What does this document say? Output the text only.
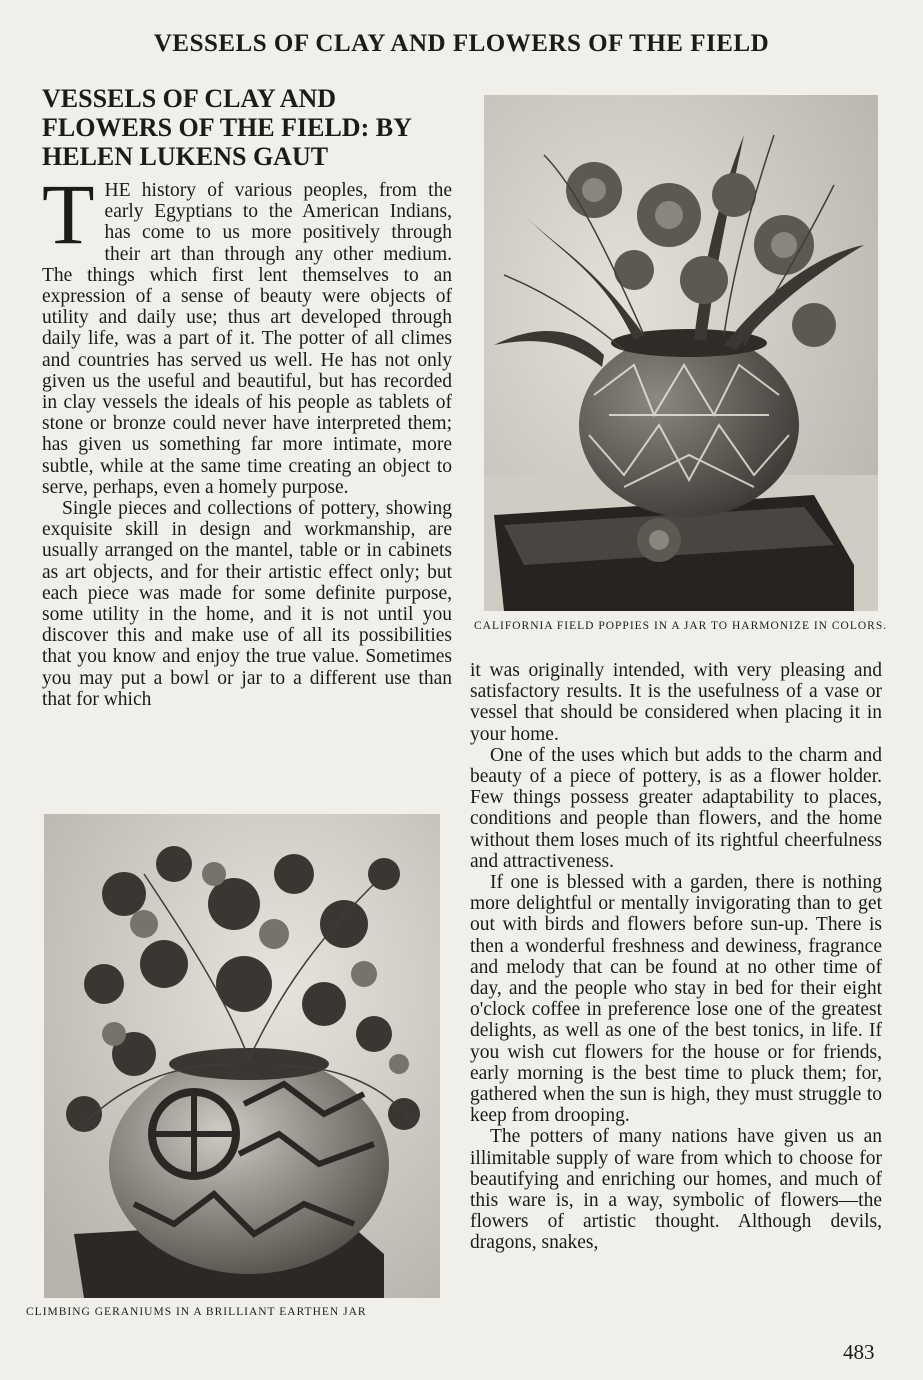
VESSELS OF CLAY AND FLOWERS OF THE FIELD
VESSELS OF CLAY AND FLOWERS OF THE FIELD: BY HELEN LUKENS GAUT

THE history of various peoples, from the early Egyptians to the American Indians, has come to us more positively through their art than through any other medium. The things which first lent themselves to an expression of a sense of beauty were objects of utility and daily use; thus art developed through daily life, was a part of it. The potter of all climes and countries has served us well. He has not only given us the useful and beautiful, but has recorded in clay vessels the ideals of his people as tablets of stone or bronze could never have interpreted them; has given us something far more intimate, more subtle, while at the same time creating an object to serve, perhaps, even a homely purpose.

Single pieces and collections of pottery, showing exquisite skill in design and workmanship, are usually arranged on the mantel, table or in cabinets as art objects, and for their artistic effect only; but each piece was made for some definite purpose, some utility in the home, and it is not until you discover this and make use of all its possibilities that you know and enjoy the true value. Sometimes you may put a bowl or jar to a different use than that for which

CALIFORNIA FIELD POPPIES IN A JAR TO HARMONIZE IN COLORS.

it was originally intended, with very pleasing and satisfactory results. It is the usefulness of a vase or vessel that should be considered when placing it in your home.

One of the uses which but adds to the charm and beauty of a piece of pottery, is as a flower holder. Few things possess greater adaptability to places, conditions and people than flowers, and the home without them loses much of its rightful cheerfulness and attractiveness.

If one is blessed with a garden, there is nothing more delightful or mentally invigorating than to get out with birds and flowers before sun-up. There is then a wonderful freshness and dewiness, fragrance and melody that can be found at no other time of day, and the people who stay in bed for their eight o'clock coffee in preference lose one of the greatest delights, as well as one of the best tonics, in life. If you wish cut flowers for the house or for friends, early morning is the best time to pluck them; for, gathered when the sun is high, they must struggle to keep from drooping.

The potters of many nations have given us an illimitable supply of ware from which to choose for beautifying and enriching our homes, and much of this ware is, in a way, symbolic of flowers—the flowers of artistic thought. Although devils, dragons, snakes,

CLIMBING GERANIUMS IN A BRILLIANT EARTHEN JAR
483
